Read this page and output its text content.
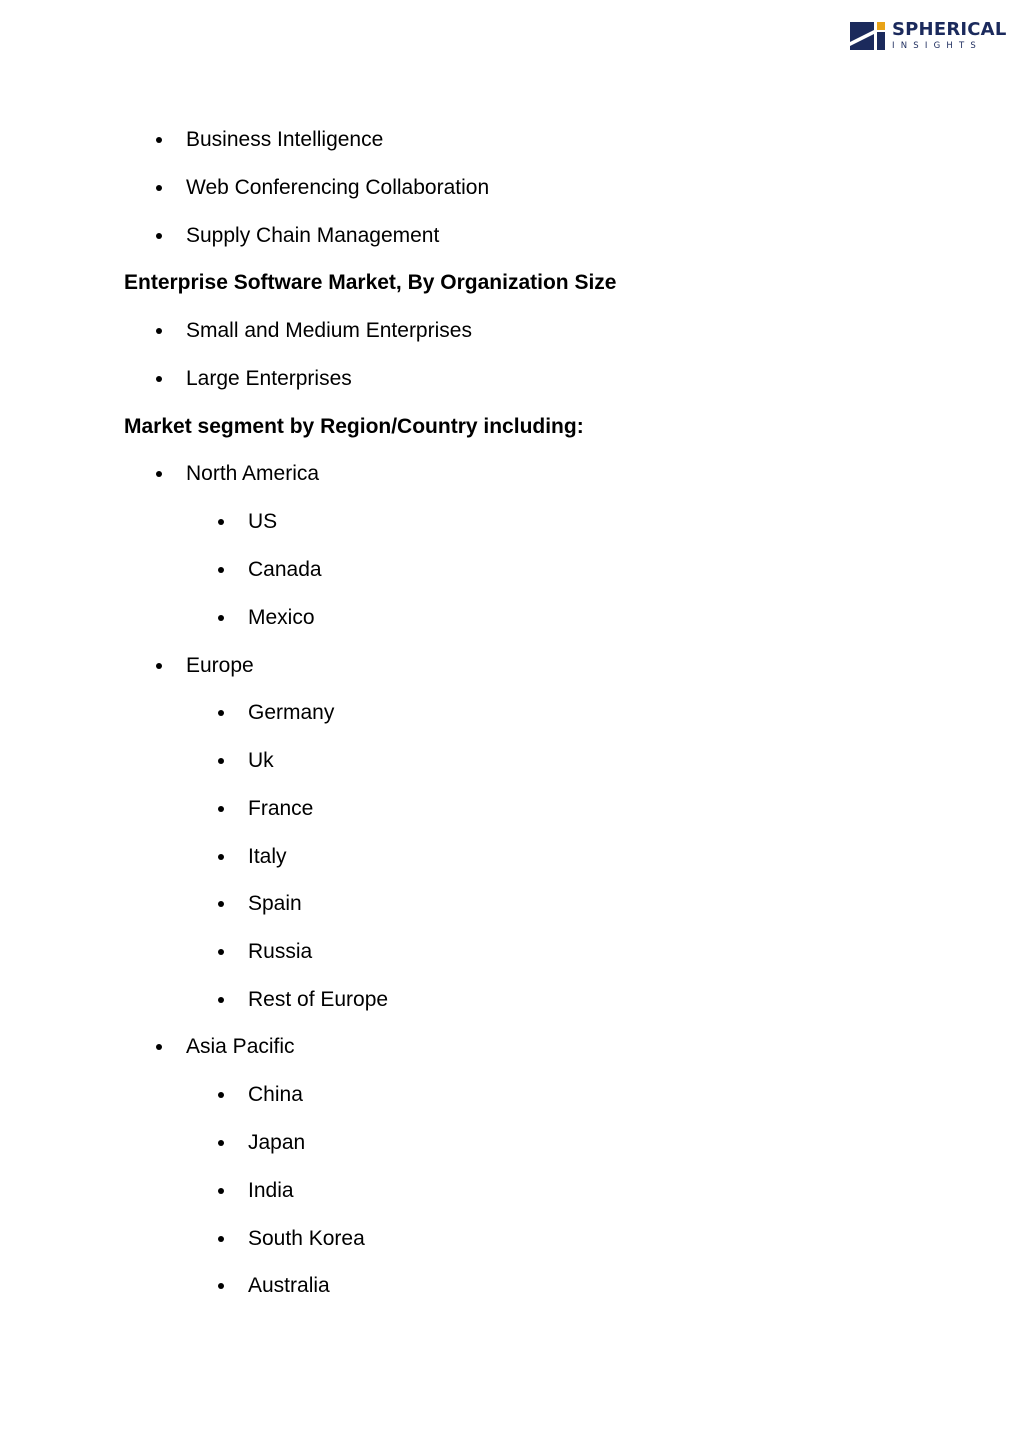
SPHERICAL
INSIGHTS
Business Intelligence
Web Conferencing Collaboration
Supply Chain Management
Enterprise Software Market, By Organization Size
Small and Medium Enterprises
Large Enterprises
Market segment by Region/Country including:
North America
US
Canada
Mexico
Europe
Germany
Uk
France
Italy
Spain
Russia
Rest of Europe
Asia Pacific
China
Japan
India
South Korea
Australia
